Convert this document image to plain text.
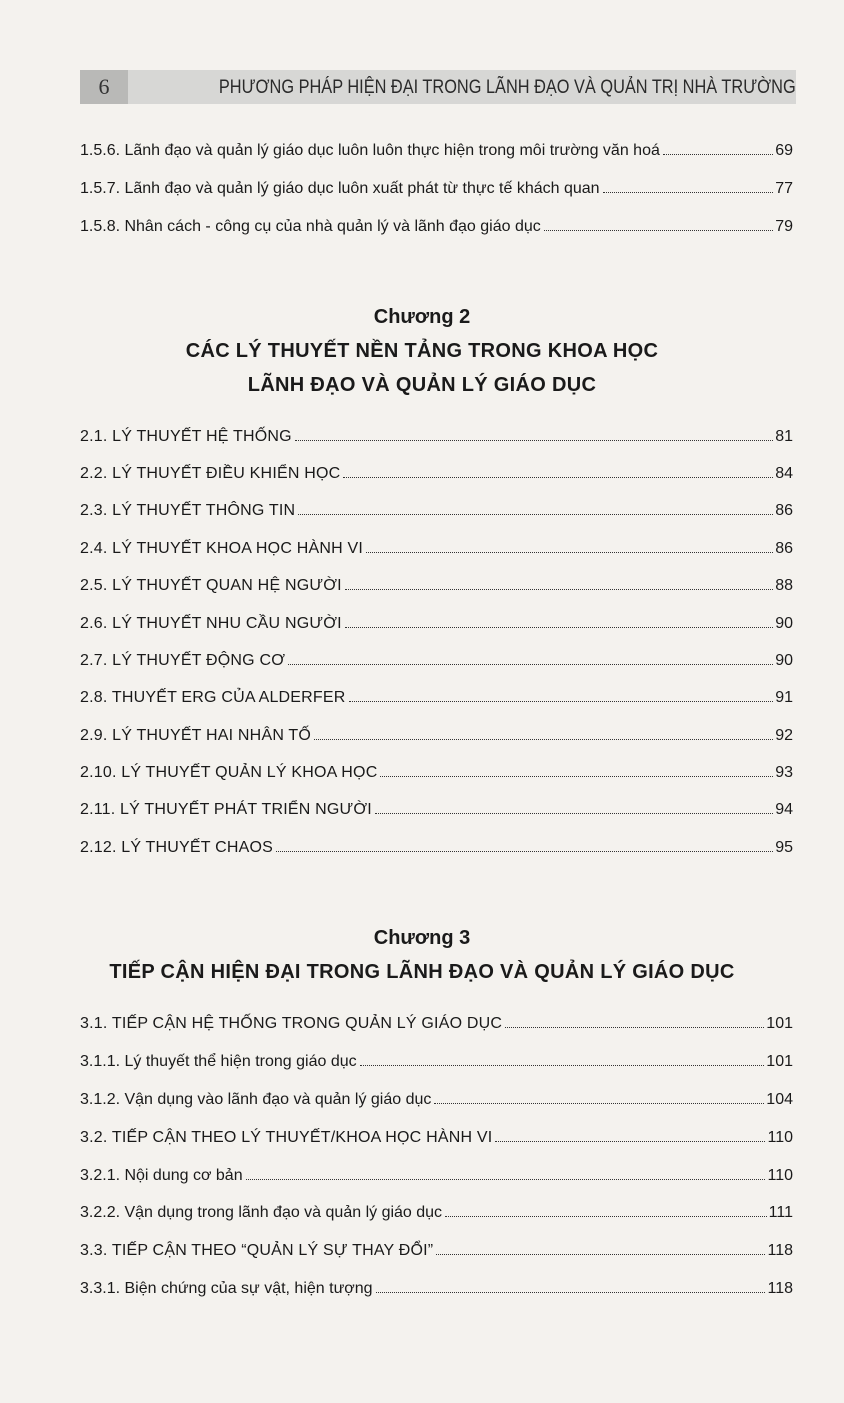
6	PHƯƠNG PHÁP HIỆN ĐẠI TRONG LÃNH ĐẠO VÀ QUẢN TRỊ NHÀ TRƯỜNG
1.5.6. Lãnh đạo và quản lý giáo dục luôn luôn thực hiện trong môi trường văn hoá	69
1.5.7. Lãnh đạo và quản lý giáo dục luôn xuất phát từ thực tế khách quan	77
1.5.8. Nhân cách - công cụ của nhà quản lý và lãnh đạo giáo dục	79
Chương 2
CÁC LÝ THUYẾT NỀN TẢNG TRONG KHOA HỌC
LÃNH ĐẠO VÀ QUẢN LÝ GIÁO DỤC
2.1. LÝ THUYẾT HỆ THỐNG	81
2.2. LÝ THUYẾT ĐIỀU KHIỂN HỌC	84
2.3. LÝ THUYẾT THÔNG TIN	86
2.4. LÝ THUYẾT KHOA HỌC HÀNH VI	86
2.5. LÝ THUYẾT QUAN HỆ NGƯỜI	88
2.6. LÝ THUYẾT NHU CẦU NGƯỜI	90
2.7. LÝ THUYẾT ĐỘNG CƠ	90
2.8. THUYẾT ERG CỦA ALDERFER	91
2.9. LÝ THUYẾT HAI NHÂN TỐ	92
2.10. LÝ THUYẾT QUẢN LÝ KHOA HỌC	93
2.11. LÝ THUYẾT PHÁT TRIỂN NGƯỜI	94
2.12. LÝ THUYẾT CHAOS	95
Chương 3
TIẾP CẬN HIỆN ĐẠI TRONG LÃNH ĐẠO VÀ QUẢN LÝ GIÁO DỤC
3.1. TIẾP CẬN HỆ THỐNG TRONG QUẢN LÝ GIÁO DỤC	101
3.1.1. Lý thuyết thể hiện trong giáo dục	101
3.1.2. Vận dụng vào lãnh đạo và quản lý giáo dục	104
3.2. TIẾP CẬN THEO LÝ THUYẾT/KHOA HỌC HÀNH VI	110
3.2.1. Nội dung cơ bản	110
3.2.2. Vận dụng trong lãnh đạo và quản lý giáo dục	111
3.3. TIẾP CẬN THEO “QUẢN LÝ SỰ THAY ĐỔI”	118
3.3.1. Biện chứng của sự vật, hiện tượng	118
